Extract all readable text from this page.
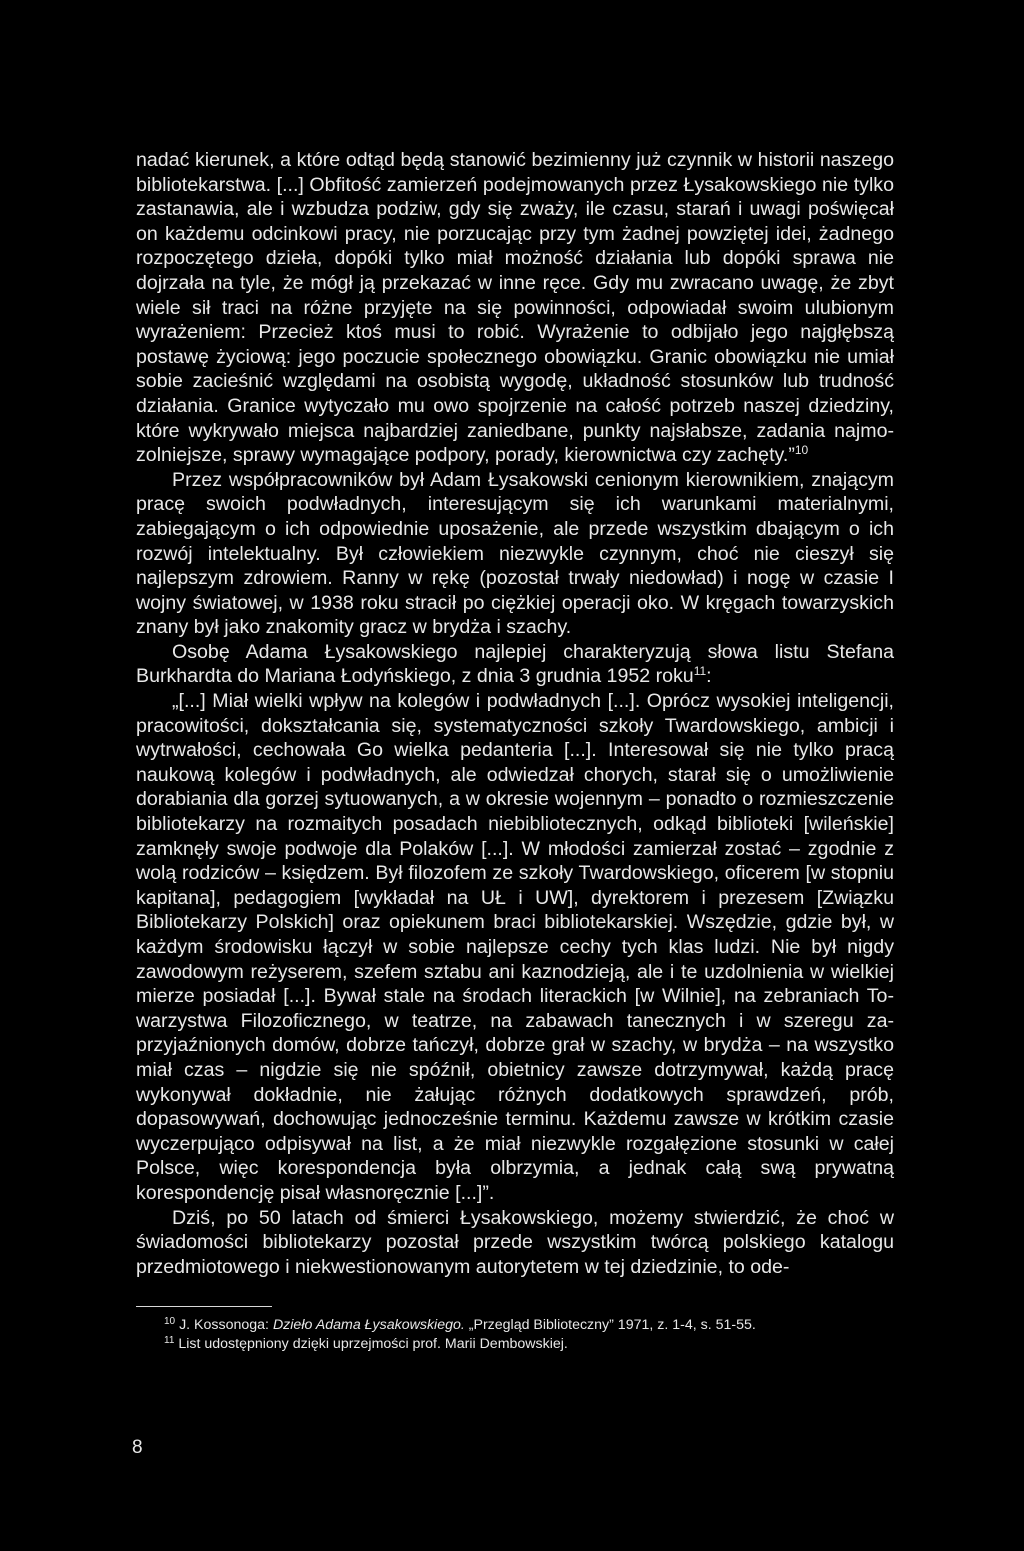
nadać kierunek, a które odtąd będą stanowić bezimienny już czynnik w historii naszego bibliotekarstwa. [...] Obfitość zamierzeń podejmowanych przez Łysakowskiego nie tylko zastanawia, ale i wzbudza podziw, gdy się zważy, ile czasu, starań i uwagi poświęcał on każdemu odcinkowi pracy, nie porzucając przy tym żadnej powziętej idei, żadnego rozpoczętego dzieła, dopóki tylko miał możność działania lub dopóki sprawa nie dojrzała na tyle, że mógł ją przekazać w inne ręce. Gdy mu zwracano uwagę, że zbyt wiele sił traci na różne przyjęte na się powinności, odpowiadał swoim ulubionym wyrażeniem: Przecież ktoś musi to robić. Wyrażenie to odbijało jego najgłębszą postawę życiową: jego poczucie społecznego obowiązku. Granic obowiązku nie umiał sobie zacieśnić względami na osobistą wygodę, układność stosunków lub trudność działania. Granice wytyczało mu owo spojrzenie na całość potrzeb naszej dziedziny, które wykrywało miejsca najbardziej zaniedbane, punkty najsłabsze, zadania najmozolniejsze, sprawy wymagające podpory, porady, kierownictwa czy zachęty.”$^{10}$

Przez współpracowników był Adam Łysakowski cenionym kierownikiem, znającym pracę swoich podwładnych, interesującym się ich warunkami materialnymi, zabiegającym o ich odpowiednie uposażenie, ale przede wszystkim dbającym o ich rozwój intelektualny. Był człowiekiem niezwykle czynnym, choć nie cieszył się najlepszym zdrowiem. Ranny w rękę (pozostał trwały niedowład) i nogę w czasie I wojny światowej, w 1938 roku stracił po ciężkiej operacji oko. W kręgach towarzyskich znany był jako znakomity gracz w brydża i szachy.

Osobę Adama Łysakowskiego najlepiej charakteryzują słowa listu Stefana Burkhardta do Mariana Łodyńskiego, z dnia 3 grudnia 1952 roku$^{11}$:

„[...] Miał wielki wpływ na kolegów i podwładnych [...]. Oprócz wysokiej inteligencji, pracowitości, dokształcania się, systematyczności szkoły Twardowskiego, ambicji i wytrwałości, cechowała Go wielka pedanteria [...]. Interesował się nie tylko pracą naukową kolegów i podwładnych, ale odwiedzał chorych, starał się o umożliwienie dorabiania dla gorzej sytuowanych, a w okresie wojennym – ponadto o rozmieszczenie bibliotekarzy na rozmaitych posadach niebibliotecznych, odkąd biblioteki [wileńskie] zamknęły swoje podwoje dla Polaków [...]. W młodości zamierzał zostać – zgodnie z wolą rodziców – księdzem. Był filozofem ze szkoły Twardowskiego, oficerem [w stopniu kapitana], pedagogiem [wykładał na UŁ i UW], dyrektorem i prezesem [Związku Bibliotekarzy Polskich] oraz opiekunem braci bibliotekarskiej. Wszędzie, gdzie był, w każdym środowisku łączył w sobie najlepsze cechy tych klas ludzi. Nie był nigdy zawodowym reżyserem, szefem sztabu ani kaznodzieją, ale i te uzdolnienia w wielkiej mierze posiadał [...]. Bywał stale na środach literackich [w Wilnie], na zebraniach Towarzystwa Filozoficznego, w teatrze, na zabawach tanecznych i w szeregu zaprzyjaźnionych domów, dobrze tańczył, dobrze grał w szachy, w brydża – na wszystko miał czas – nigdzie się nie spóźnił, obietnicy zawsze dotrzymywał, każdą pracę wykonywał dokładnie, nie żałując różnych dodatkowych sprawdzeń, prób, dopasowywań, dochowując jednocześnie terminu. Każdemu zawsze w krótkim czasie wyczerpująco odpisywał na list, a że miał niezwykle rozgałęzione stosunki w całej Polsce, więc korespondencja była olbrzymia, a jednak całą swą prywatną korespondencję pisał własnoręcznie [...]”.

Dziś, po 50 latach od śmierci Łysakowskiego, możemy stwierdzić, że choć w świadomości bibliotekarzy pozostał przede wszystkim twórcą polskiego katalogu przedmiotowego i niekwestionowanym autorytetem w tej dziedzinie, to ode-

$^{10}$ J. Kossonoga: Dzieło Adama Łysakowskiego. „Przegląd Biblioteczny” 1971, z. 1-4, s. 51-55.

$^{11}$ List udostępniony dzięki uprzejmości prof. Marii Dembowskiej.

8
